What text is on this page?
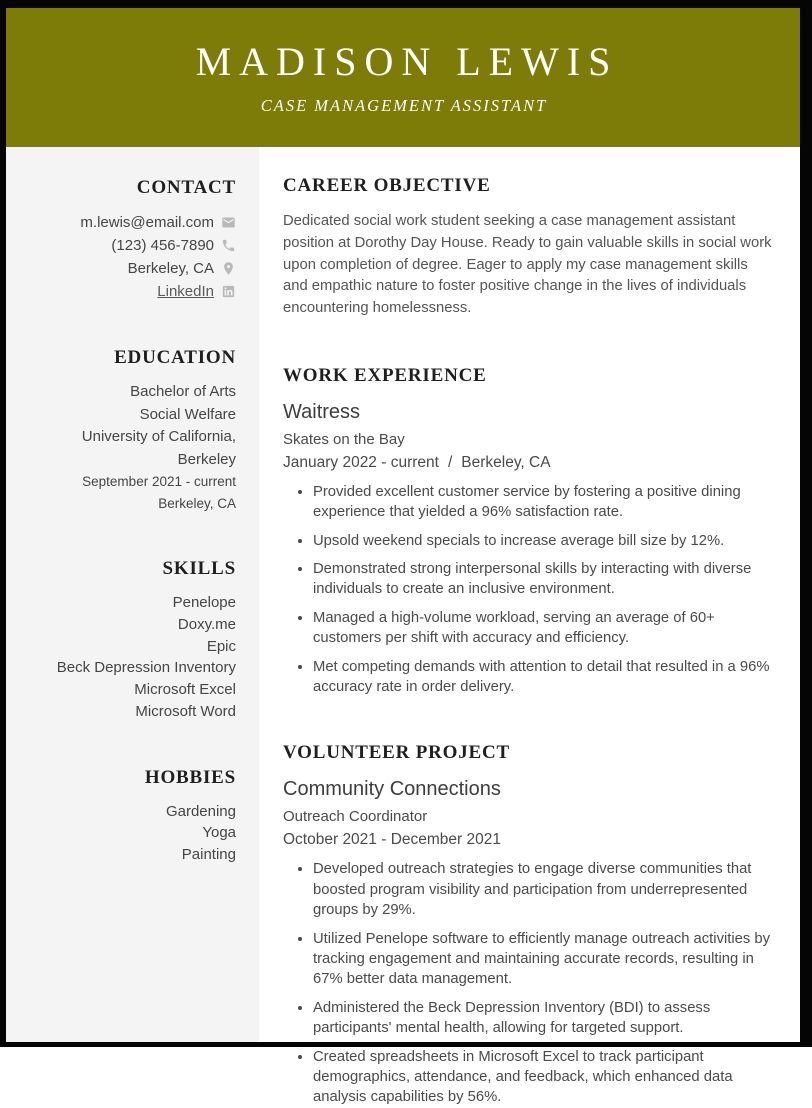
MADISON LEWIS
CASE MANAGEMENT ASSISTANT
CONTACT
m.lewis@email.com
(123) 456-7890
Berkeley, CA
LinkedIn
EDUCATION
Bachelor of Arts
Social Welfare
University of California, Berkeley
September 2021 - current
Berkeley, CA
SKILLS
Penelope
Doxy.me
Epic
Beck Depression Inventory
Microsoft Excel
Microsoft Word
HOBBIES
Gardening
Yoga
Painting
CAREER OBJECTIVE

Dedicated social work student seeking a case management assistant position at Dorothy Day House. Ready to gain valuable skills in social work upon completion of degree. Eager to apply my case management skills and empathic nature to foster positive change in the lives of individuals encountering homelessness.

WORK EXPERIENCE
Waitress
Skates on the Bay
January 2022 - current / Berkeley, CA
• Provided excellent customer service by fostering a positive dining experience that yielded a 96% satisfaction rate.
• Upsold weekend specials to increase average bill size by 12%.
• Demonstrated strong interpersonal skills by interacting with diverse individuals to create an inclusive environment.
• Managed a high-volume workload, serving an average of 60+ customers per shift with accuracy and efficiency.
• Met competing demands with attention to detail that resulted in a 96% accuracy rate in order delivery.
VOLUNTEER PROJECT
Community Connections
Outreach Coordinator
October 2021 - December 2021
• Developed outreach strategies to engage diverse communities that boosted program visibility and participation from underrepresented groups by 29%.
• Utilized Penelope software to efficiently manage outreach activities by tracking engagement and maintaining accurate records, resulting in 67% better data management.
• Administered the Beck Depression Inventory (BDI) to assess participants' mental health, allowing for targeted support.
• Created spreadsheets in Microsoft Excel to track participant demographics, attendance, and feedback, which enhanced data analysis capabilities by 56%.
